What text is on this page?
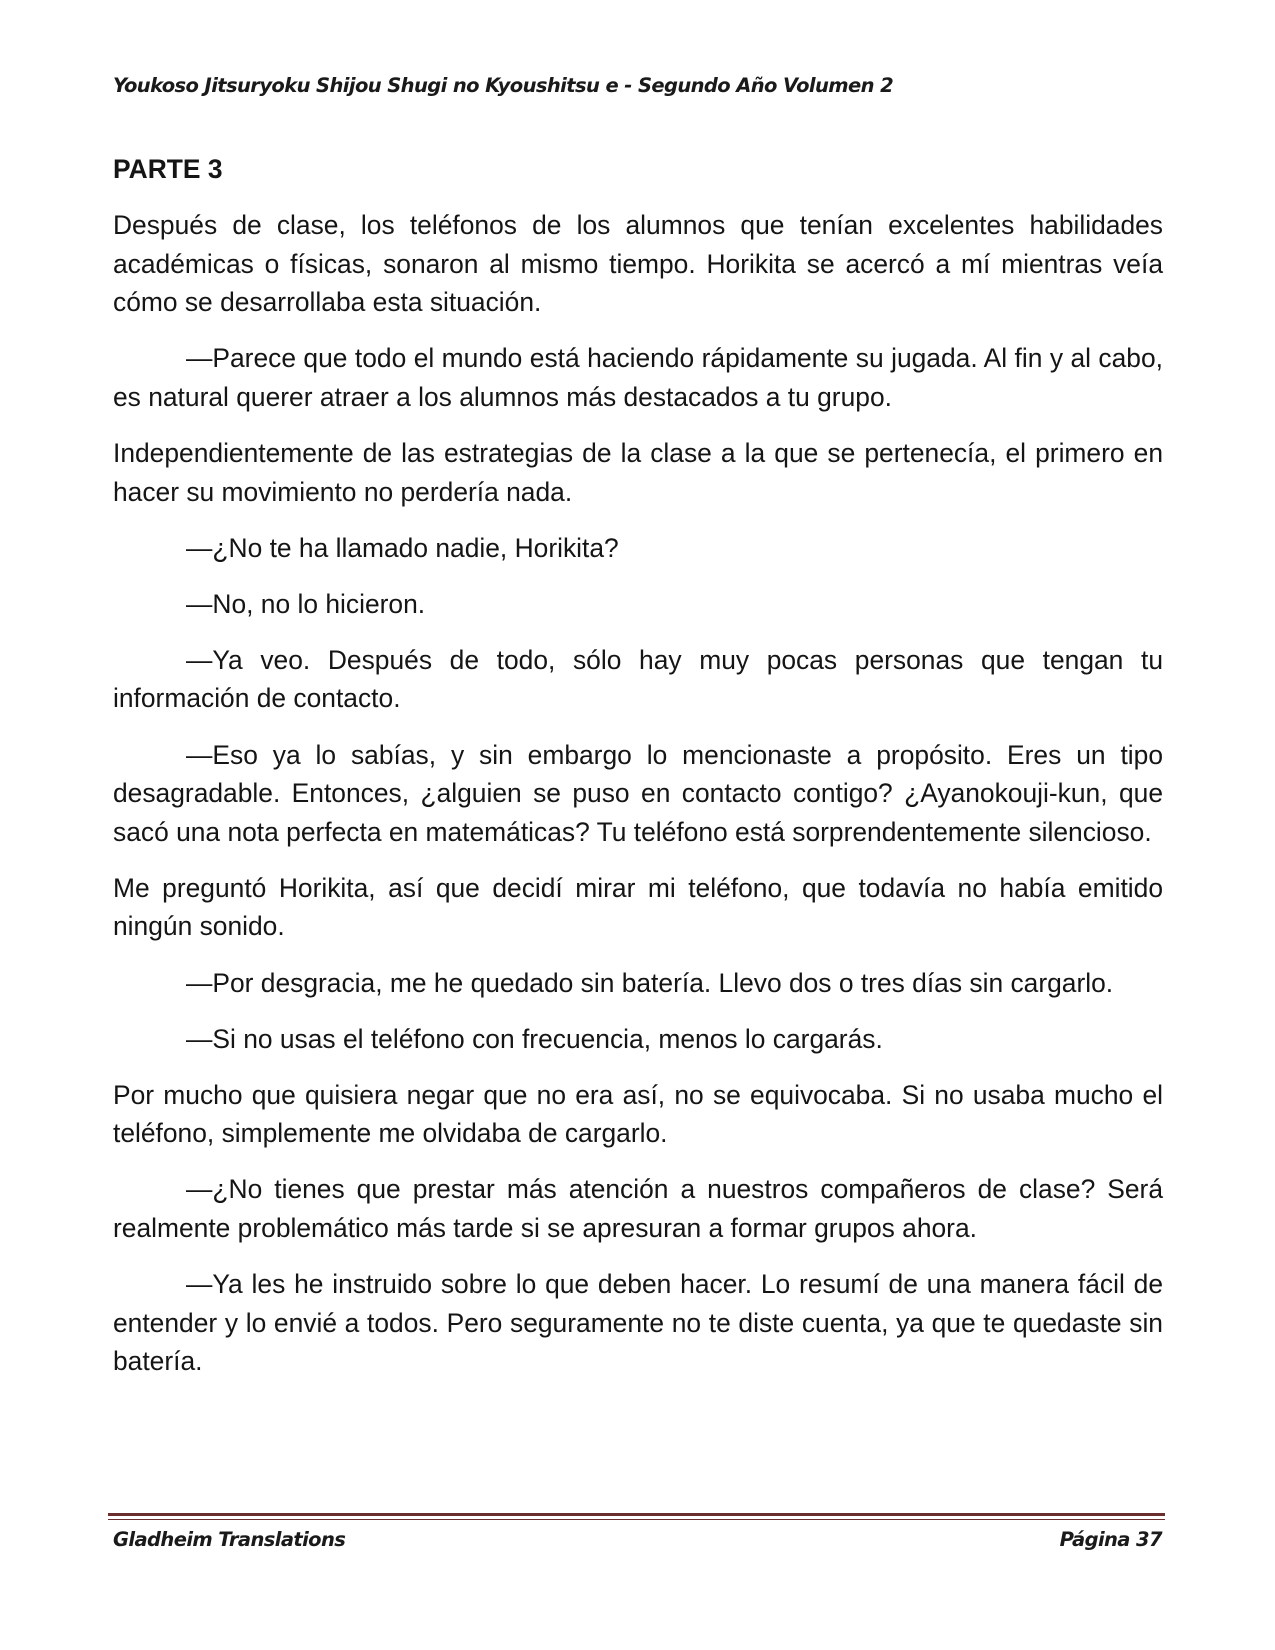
Youkoso Jitsuryoku Shijou Shugi no Kyoushitsu e - Segundo Año Volumen 2
PARTE 3

Después de clase, los teléfonos de los alumnos que tenían excelentes habilidades académicas o físicas, sonaron al mismo tiempo. Horikita se acercó a mí mientras veía cómo se desarrollaba esta situación.

—Parece que todo el mundo está haciendo rápidamente su jugada. Al fin y al cabo, es natural querer atraer a los alumnos más destacados a tu grupo.

Independientemente de las estrategias de la clase a la que se pertenecía, el primero en hacer su movimiento no perdería nada.

—¿No te ha llamado nadie, Horikita?

—No, no lo hicieron.

—Ya veo. Después de todo, sólo hay muy pocas personas que tengan tu información de contacto.

—Eso ya lo sabías, y sin embargo lo mencionaste a propósito. Eres un tipo desagradable. Entonces, ¿alguien se puso en contacto contigo? ¿Ayanokouji-kun, que sacó una nota perfecta en matemáticas? Tu teléfono está sorprendentemente silencioso.

Me preguntó Horikita, así que decidí mirar mi teléfono, que todavía no había emitido ningún sonido.

—Por desgracia, me he quedado sin batería. Llevo dos o tres días sin cargarlo.

—Si no usas el teléfono con frecuencia, menos lo cargarás.

Por mucho que quisiera negar que no era así, no se equivocaba. Si no usaba mucho el teléfono, simplemente me olvidaba de cargarlo.

—¿No tienes que prestar más atención a nuestros compañeros de clase? Será realmente problemático más tarde si se apresuran a formar grupos ahora.

—Ya les he instruido sobre lo que deben hacer. Lo resumí de una manera fácil de entender y lo envié a todos. Pero seguramente no te diste cuenta, ya que te quedaste sin batería.

Gladheim Translations	Página 37
